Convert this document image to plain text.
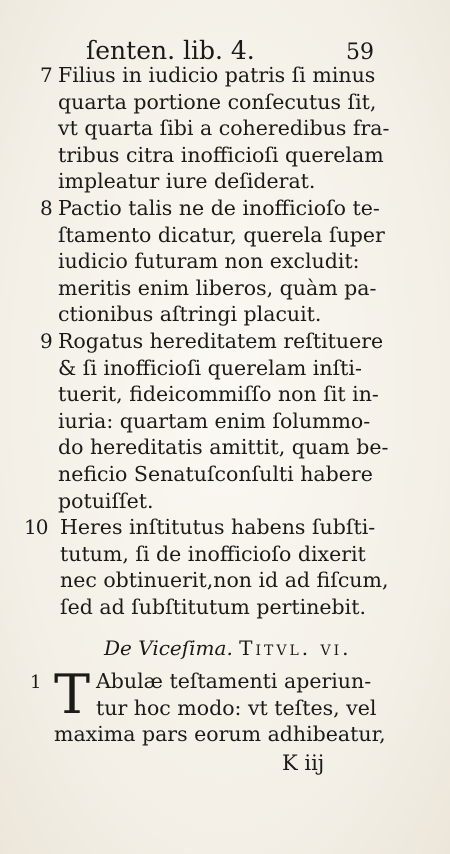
ſenten. lib. 4.	59
7 Filius in iudicio patris ſi minus
quarta portione conſecutus ſit,
vt quarta ſibi a coheredibus fra-
tribus citra inofficioſi querelam
impleatur iure deſiderat.
8 Pactio talis ne de inofficioſo te-
ſtamento dicatur, querela ſuper
iudicio futuram non excludit:
meritis enim liberos, quàm pa-
ctionibus aſtringi placuit.
9 Rogatus hereditatem reſtituere
& ſi inofficioſi querelam inſti-
tuerit, fideicommiſſo non ſit in-
iuria: quartam enim ſolummo-
do hereditatis amittit, quam be-
neficio Senatuſconſulti habere
potuiſſet.
10 Heres inſtitutus habens ſubſti-
tutum, ſi de inofficioſo dixerit
nec obtinuerit,non id ad fiſcum,
ſed ad ſubſtitutum pertinebit.
De Viceſima. Titvl. vi.
1 T Abulæ teſtamenti aperiun-
tur hoc modo: vt teſtes, vel
maxima pars eorum adhibeatur,
K iij
